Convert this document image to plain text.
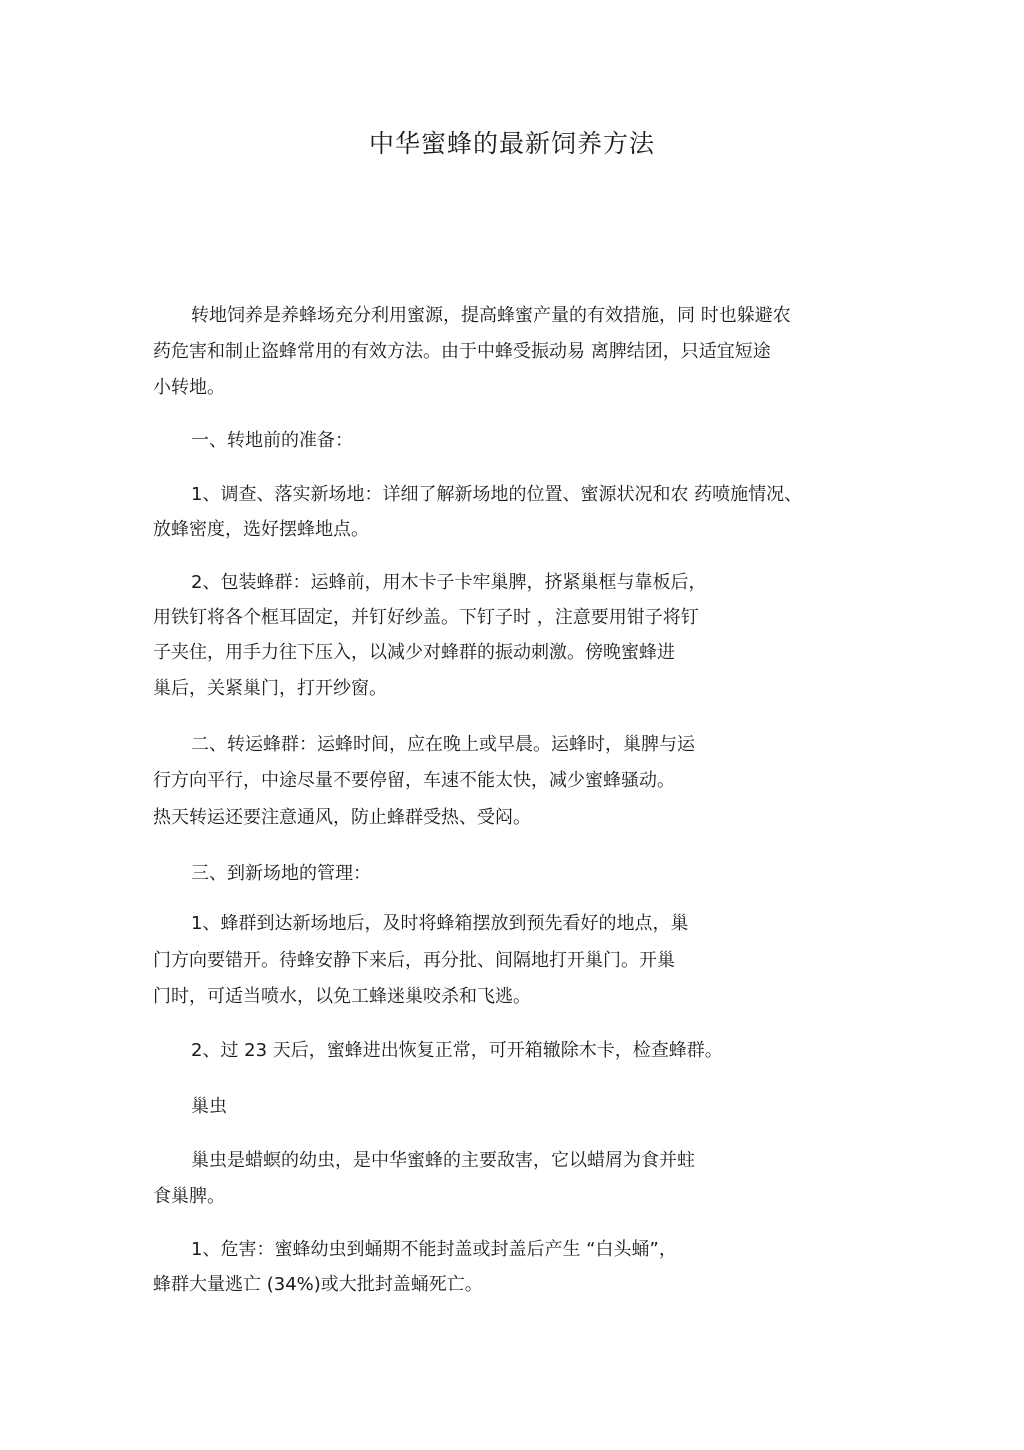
中华蜜蜂的最新饲养方法

转地饲养是养蜂场充分利用蜜源，提高蜂蜜产量的有效措施，同 时也躲避农

药危害和制止盗蜂常用的有效方法。由于中蜂受振动易 离脾结团，只适宜短途

小转地。

一、转地前的准备：

1、调查、落实新场地：详细了解新场地的位置、蜜源状况和农 药喷施情况、

放蜂密度，选好摆蜂地点。

2、包装蜂群：运蜂前，用木卡子卡牢巢脾，挤紧巢框与靠板后，

用铁钉将各个框耳固定，并钉好纱盖。下钉子时 ，注意要用钳子将钉

子夹住，用手力往下压入，以减少对蜂群的振动刺激。傍晚蜜蜂进

巢后，关紧巢门，打开纱窗。

二、转运蜂群：运蜂时间，应在晚上或早晨。运蜂时，巢脾与运

行方向平行，中途尽量不要停留，车速不能太快，减少蜜蜂骚动。

热天转运还要注意通风，防止蜂群受热、受闷。

三、到新场地的管理：

1、蜂群到达新场地后，及时将蜂箱摆放到预先看好的地点，巢

门方向要错开。待蜂安静下来后，再分批、间隔地打开巢门。开巢

门时，可适当喷水，以免工蜂迷巢咬杀和飞逃。

2、过 23 天后，蜜蜂进出恢复正常，可开箱辙除木卡，检查蜂群。

巢虫

巢虫是蜡螟的幼虫，是中华蜜蜂的主要敌害，它以蜡屑为食并蛀

食巢脾。

1、危害：蜜蜂幼虫到蛹期不能封盖或封盖后产生 “白头蛹”，

蜂群大量逃亡 (34%)或大批封盖蛹死亡。
